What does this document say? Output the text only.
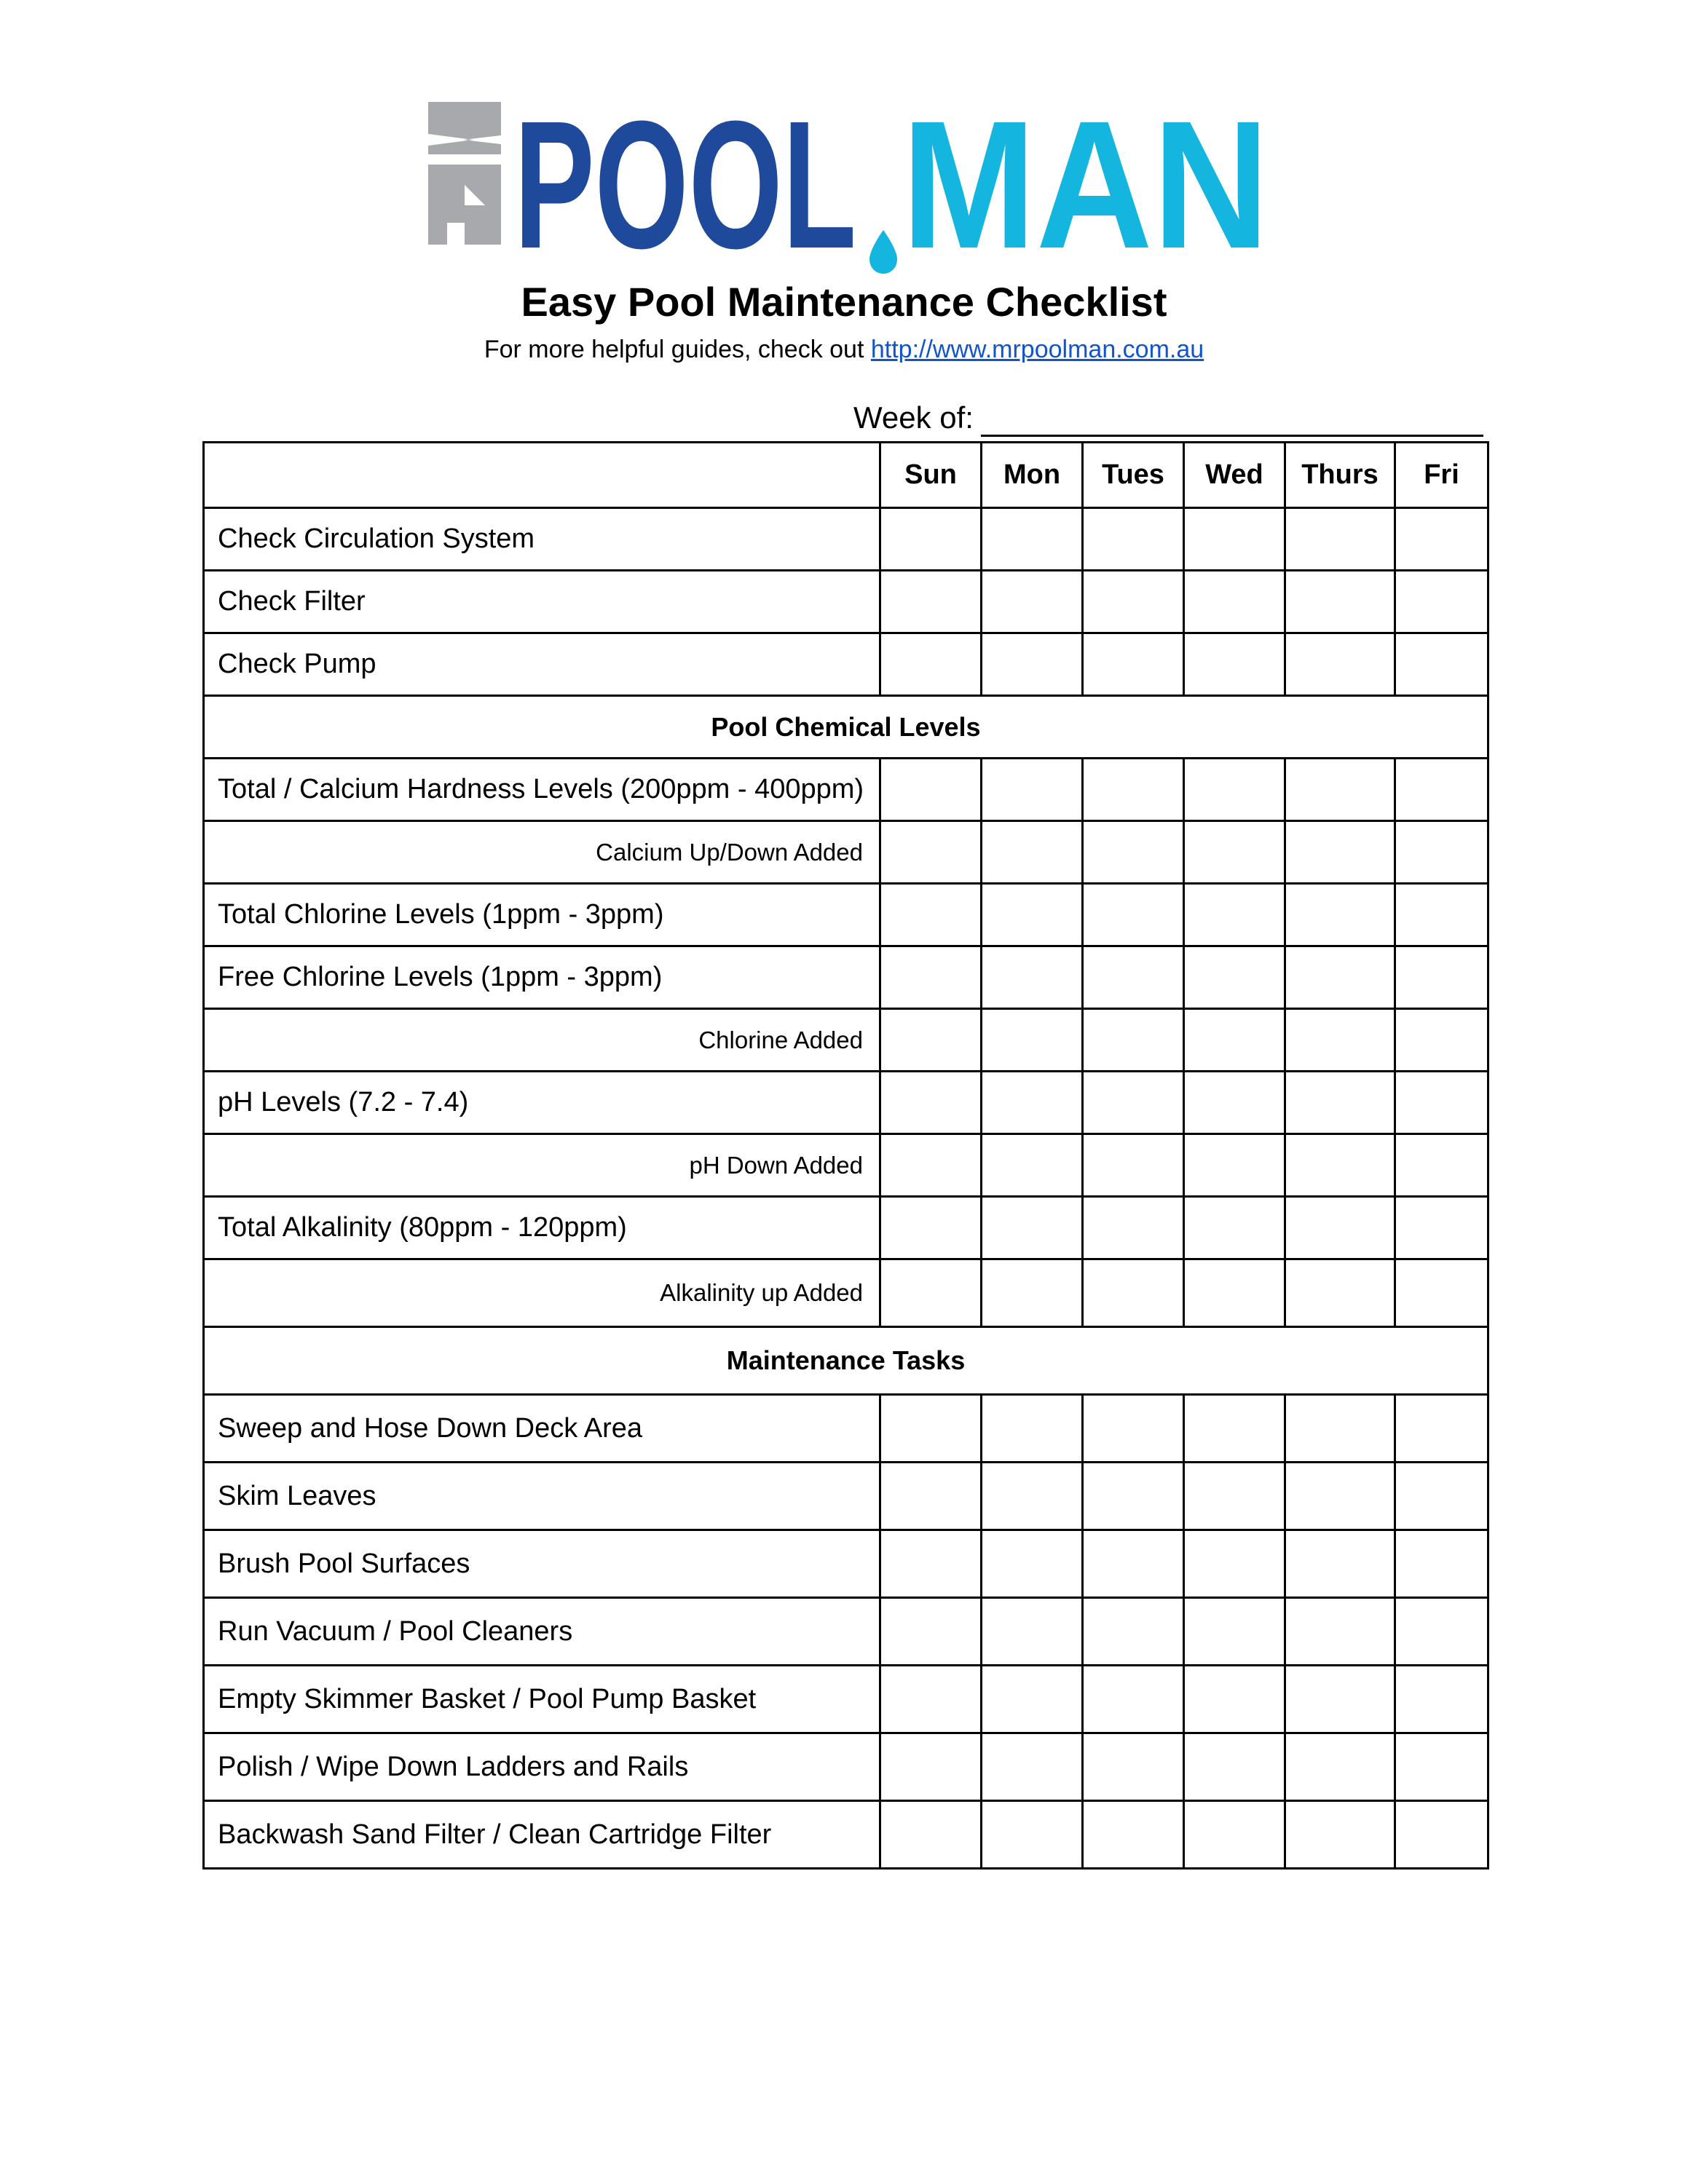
POOL MAN
Easy Pool Maintenance Checklist
For more helpful guides, check out http://www.mrpoolman.com.au
Week of:
	Sun	Mon	Tues	Wed	Thurs	Fri
Check Circulation System						
Check Filter						
Check Pump						
Pool Chemical Levels						
Total / Calcium Hardness Levels (200ppm - 400ppm)						
Calcium Up/Down Added						
Total Chlorine Levels (1ppm - 3ppm)						
Free Chlorine Levels (1ppm - 3ppm)						
Chlorine Added						
pH Levels (7.2 - 7.4)						
pH Down Added						
Total Alkalinity (80ppm - 120ppm)						
Alkalinity up Added						
Maintenance Tasks						
Sweep and Hose Down Deck Area						
Skim Leaves						
Brush Pool Surfaces						
Run Vacuum / Pool Cleaners						
Empty Skimmer Basket / Pool Pump Basket						
Polish / Wipe Down Ladders and Rails						
Backwash Sand Filter / Clean Cartridge Filter						
